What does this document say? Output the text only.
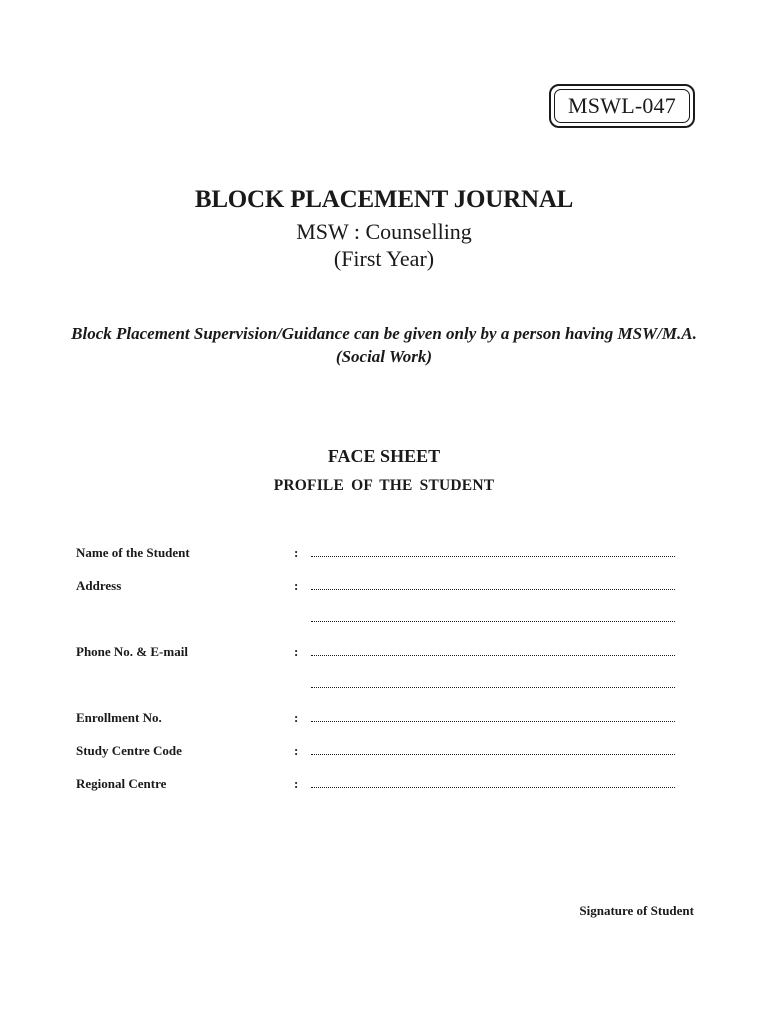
MSWL-047
BLOCK PLACEMENT JOURNAL
MSW : Counselling
(First Year)
Block Placement Supervision/Guidance can be given only by a person having MSW/M.A. (Social Work)
FACE SHEET
PROFILE OF THE STUDENT
Name of the Student	:
Address	:
Phone No. & E-mail	:
Enrollment No.	:
Study Centre Code	:
Regional Centre	:
Signature of Student
